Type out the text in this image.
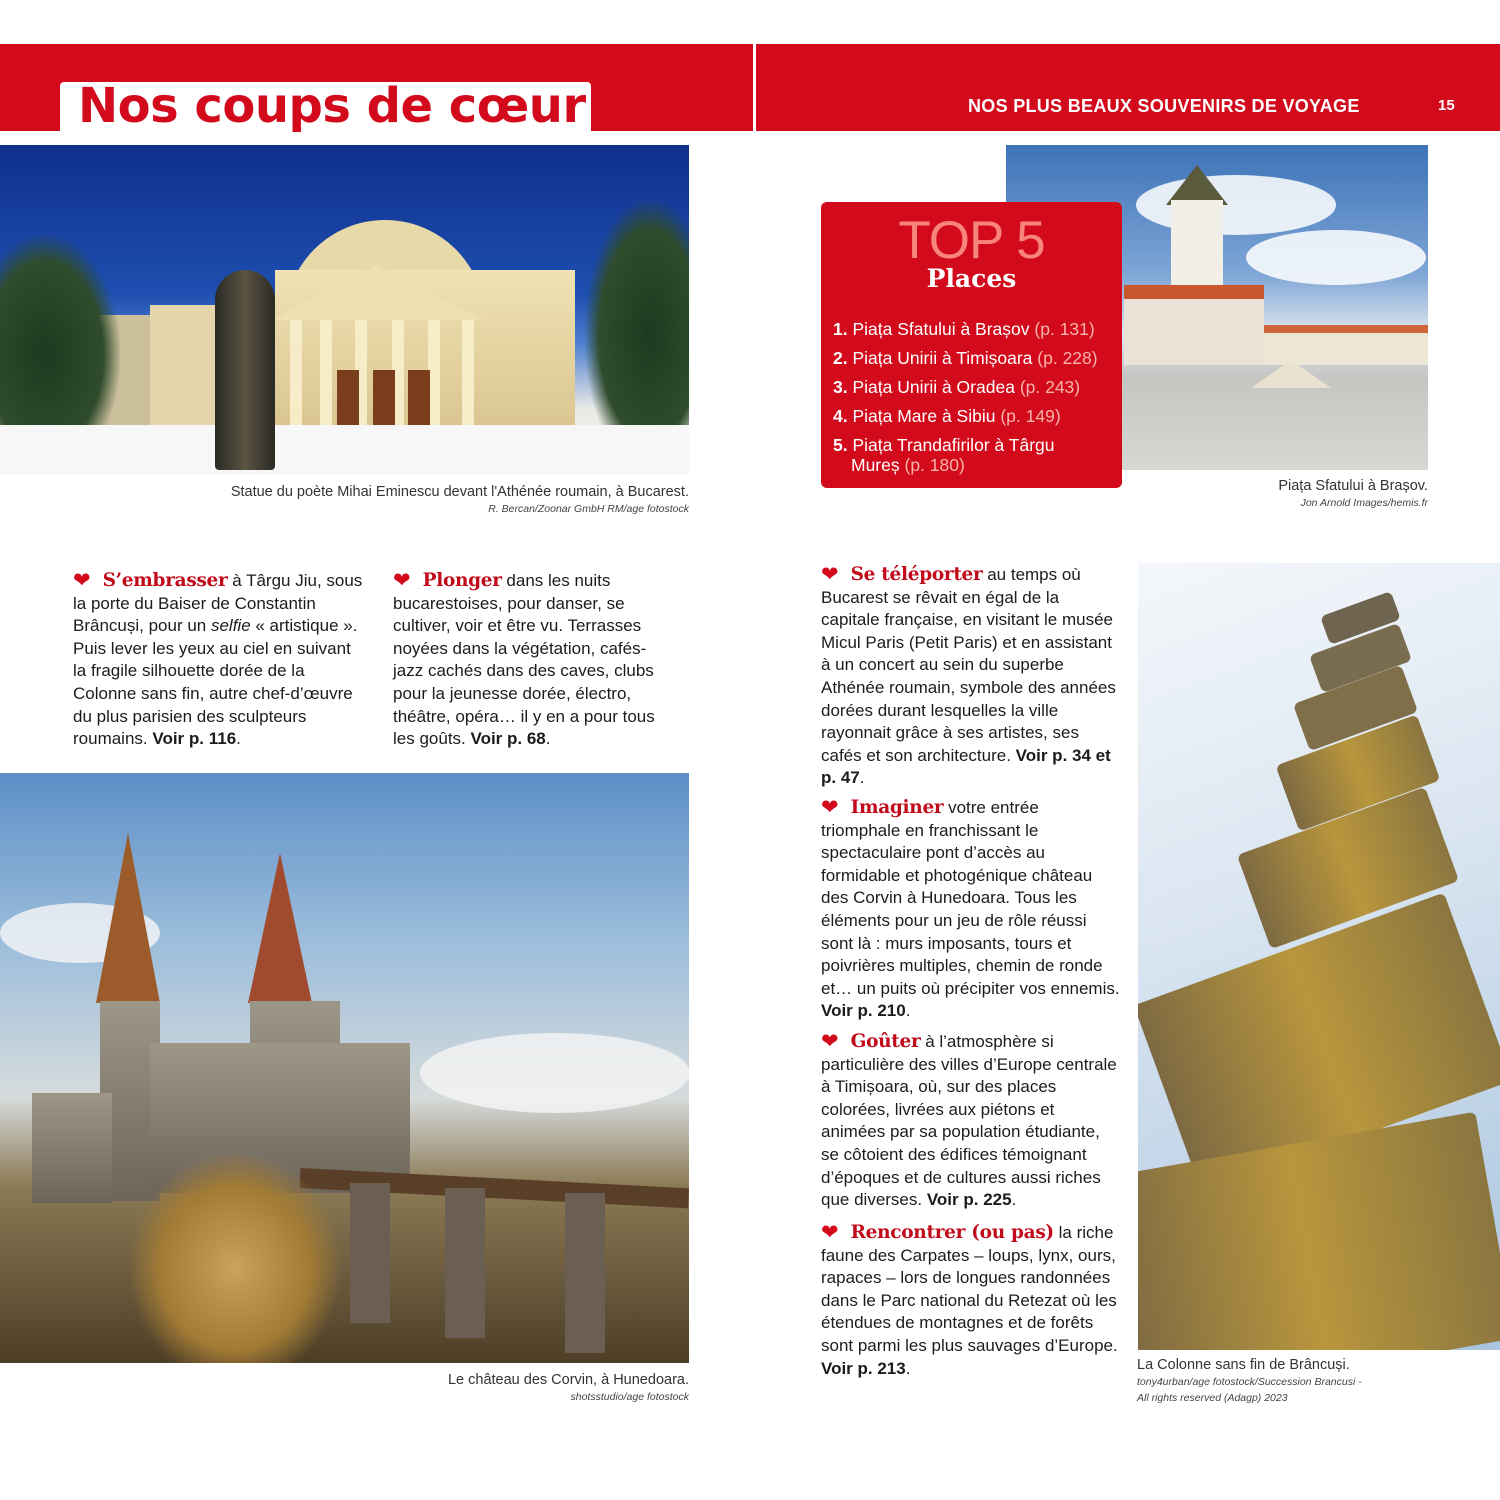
Nos coups de cœur	NOS PLUS BEAUX SOUVENIRS DE VOYAGE	15
Statue du poète Mihai Eminescu devant l'Athénée roumain, à Bucarest.
R. Bercan/Zoonar GmbH RM/age fotostock
Piața Sfatului à Brașov.
Jon Arnold Images/hemis.fr
TOP 5
Places
1. Piața Sfatului à Brașov (p. 131)
2. Piața Unirii à Timișoara (p. 228)
3. Piața Unirii à Oradea (p. 243)
4. Piața Mare à Sibiu (p. 149)
5. Piața Trandafirilor à Târgu
Mureș (p. 180)
❤ S’embrasser à Târgu Jiu, sous la porte du Baiser de Constantin Brâncuși, pour un selfie « artistique ». Puis lever les yeux au ciel en suivant la fragile silhouette dorée de la Colonne sans fin, autre chef-d’œuvre du plus parisien des sculpteurs roumains. Voir p. 116.
❤ Plonger dans les nuits bucarestoises, pour danser, se cultiver, voir et être vu. Terrasses noyées dans la végétation, cafés-jazz cachés dans des caves, clubs pour la jeunesse dorée, électro, théâtre, opéra… il y en a pour tous les goûts. Voir p. 68.
Le château des Corvin, à Hunedoara.
shotsstudio/age fotostock
❤ Se téléporter au temps où Bucarest se rêvait en égal de la capitale française, en visitant le musée Micul Paris (Petit Paris) et en assistant à un concert au sein du superbe Athénée roumain, symbole des années dorées durant lesquelles la ville rayonnait grâce à ses artistes, ses cafés et son architecture. Voir p. 34 et p. 47.
❤ Imaginer votre entrée triomphale en franchissant le spectaculaire pont d’accès au formidable et photogénique château des Corvin à Hunedoara. Tous les éléments pour un jeu de rôle réussi sont là : murs imposants, tours et poivrières multiples, chemin de ronde et… un puits où précipiter vos ennemis. Voir p. 210.
❤ Goûter à l’atmosphère si particulière des villes d’Europe centrale à Timișoara, où, sur des places colorées, livrées aux piétons et animées par sa population étudiante, se côtoient des édifices témoignant d’époques et de cultures aussi riches que diverses. Voir p. 225.
❤ Rencontrer (ou pas) la riche faune des Carpates – loups, lynx, ours, rapaces – lors de longues randonnées dans le Parc national du Retezat où les étendues de montagnes et de forêts sont parmi les plus sauvages d’Europe. Voir p. 213.	La Colonne sans fin de Brâncuși.
tony4urban/age fotostock/Succession Brancusi -
All rights reserved (Adagp) 2023
